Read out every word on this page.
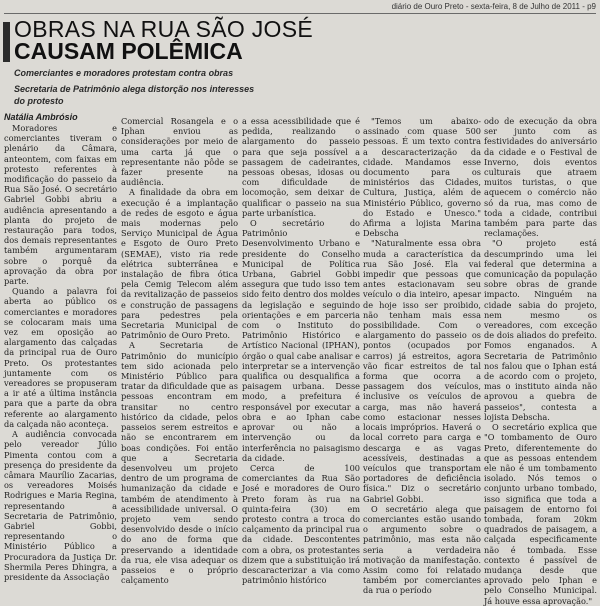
diário de Ouro Preto - sexta-feira, 8 de Julho de 2011 - p9
OBRAS NA RUA SÃO JOSÉ
CAUSAM POLÊMICA

Comerciantes e moradores protestam contra obras

Secretaria de Patrimônio alega distorção nos interesses do protesto

Natália Ambrósio

Moradores e comerciantes tiveram o plenário da Câmara, anteontem, com faixas em protesto referentes à modificação do passeio da Rua São José. O secretário Gabriel Gobbi abriu a audiência apresentando a planta do projeto de restauração para todos, dos demais representantes também argumentaram sobre o porquê da aprovação da obra por parte.

Quando a palavra foi aberta ao público os comerciantes e moradores se colocaram mais uma vez em oposição ao alargamento das calçadas da principal rua de Ouro Preto. Os protestantes juntamente com os vereadores se propuseram a ir até a última instância para que a parte da obra referente ao alargamento da calçada não aconteça.

A audiência convocada pelo vereador Júlio Pimenta contou com a presença do presidente da câmara Maurílio Zacarias, os vereadores Moisés Rodrigues e Maria Regina, representando a Secretaria de Patrimônio, Gabriel Gobbi, representando o Ministério Público a Procuradora da Justiça Dr. Shermila Peres Dhingra, a presidente da Associação

Comercial Rosangela e o Iphan enviou as considerações por meio de uma carta já que o representante não pôde se fazer presente na audiência.

A finalidade da obra em execução é a implantação de redes de esgoto e água mais modernas pelo Serviço Municipal de Água e Esgoto de Ouro Preto (SEMAE), visto ria rede elétrica subterrânea e instalação de fibra ótica pela Cemig Telecom além da revitalização de passeios e construção de passagens para pedestres pela Secretaria Municipal de Patrimônio de Ouro Preto.

A Secretaria de Patrimônio do município tem sido acionada pelo Ministério Público para tratar da dificuldade que as pessoas encontram em transitar no centro histórico da cidade, pelos passeios serem estreitos e não se encontrarem em boas condições. Foi então que a Secretaria desenvolveu um projeto dentro de um programa de humanização da cidade e também de atendimento à acessibilidade universal. O projeto vem sendo desenvolvido desde o início do ano de forma que preservando a identidade da rua, ele visa adequar os passeios e o próprio calçamento

a essa acessibilidade que é pedida, realizando o alargamento do passeio para que seja possível a passagem de cadeirantes, pessoas obesas, idosas ou com dificuldade de locomoção, sem deixar de qualificar o passeio na sua parte urbanística.

O secretário do Patrimônio e Desenvolvimento Urbano e presidente do Conselho Municipal de Política Urbana, Gabriel Gobbi assegura que tudo isso tem sido feito dentro dos moldes da legislação e seguindo orientações e em parceria com o Instituto do Patrimônio Histórico e Artístico Nacional (IPHAN), órgão o qual cabe analisar e interpretar se a intervenção qualifica ou desqualifica a paisagem urbana. Desse modo, a prefeitura é responsável por executar a obra e ao Iphan cabe aprovar ou não a intervenção ou da interferência no paisagismo da cidade.

Cerca de 100 comerciantes da Rua São José e moradores de Ouro Preto foram às rua na quinta-feira (30) em protesto contra a troca do calçamento da principal rua da cidade. Descontentes com a obra, os protestantes dizem que a substituição irá descaracterizar a via como patrimônio histórico

"Temos um abaixo-assinado com quase 500 pessoas. É um texto contra a descaracterização da cidade. Mandamos esse documento para os ministérios das Cidades, Cultura, Justiça, além de Ministério Público, governo do Estado e Unesco." Afirma a lojista Marina Debscha

"Naturalmente essa obra muda a característica da rua São José. Ela vai impedir que pessoas que antes estacionavam seu veículo o dia inteiro, apesar de hoje isso ser proibido, não tenham mais essa possibilidade. Com o alargamento do passeio os pontos (ocupados por carros) já estreitos, agora vão ficar estreitos de tal forma que ocorra a passagem dos veículos, inclusive os veículos de carga, mas não haverá como estacionar nesses locais impróprios. Haverá o local correto para carga e descarga e as vagas acessíveis, destinadas a veículos que transportam portadores de deficiência física." Diz o secretário Gabriel Gobbi.

O secretário alega que comerciantes estão usando o argumento sobre o patrimônio, mas esta não seria a verdadeira motivação da manifestação. Assim como foi relatado também por comerciantes da rua o período

odo de execução da obra ser junto com as festividades do aniversário da cidade e o Festival de Inverno, dois eventos culturais que atraem muitos turistas, o que aquecem o comércio não só da rua, mas como de toda a cidade, contribui também para parte das reclamações.

"O projeto está descumprindo uma lei federal que determina a comunicação da população sobre obras de grande impacto. Ninguém na cidade sabia do projeto, nem mesmo os vereadores, com exceção de dois aliados do prefeito. Fomos enganados. A Secretaria de Patrimônio nos falou que o Iphan está de acordo com o projeto, mas o instituto ainda não aprovou a quebra de passeios", contesta a lojista Debscha.

O secretário explica que "O tombamento de Ouro Preto, diferentemente do que as pessoas entendem ele não é um tombamento isolado. Nós temos o conjunto urbano tombado, isso significa que toda a paisagem de entorno foi tombada, foram 20km quadrados de paisagem, a calçada especificamente não é tombada. Esse contexto é passível de mudança desde que aprovado pelo Iphan e pelo Conselho Municipal. Já houve essa aprovação."
